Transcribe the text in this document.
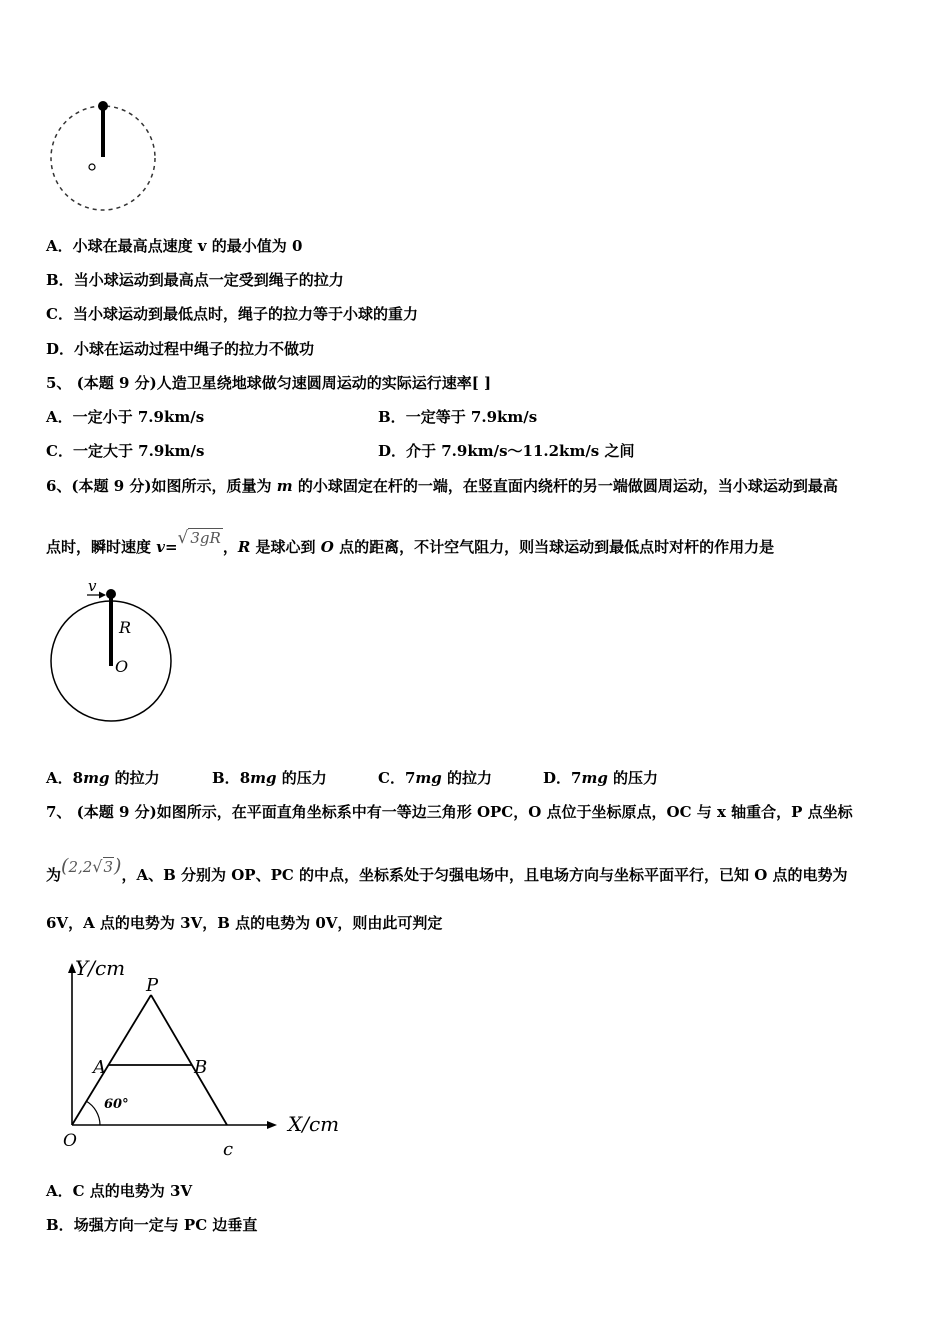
A．小球在最高点速度 v 的最小值为 0
B．当小球运动到最高点一定受到绳子的拉力
C．当小球运动到最低点时，绳子的拉力等于小球的重力
D．小球在运动过程中绳子的拉力不做功
5、 (本题 9 分)人造卫星绕地球做匀速圆周运动的实际运行速率[ ]
A．一定小于 7.9km/s	B．一定等于 7.9km/s
C．一定大于 7.9km/s	D．介于 7.9km/s～11.2km/s 之间
6、(本题 9 分)如图所示，质量为 m 的小球固定在杆的一端，在竖直面内绕杆的另一端做圆周运动，当小球运动到最高
点时，瞬时速度 v=√ 3gR ，R 是球心到 O 点的距离，不计空气阻力，则当球运动到最低点时对杆的作用力是
v
R
O
A．8mg 的拉力	B．8mg 的压力	C．7mg 的拉力	D．7mg 的压力
7、 (本题 9 分)如图所示，在平面直角坐标系中有一等边三角形 OPC，O 点位于坐标原点，OC 与 x 轴重合，P 点坐标
为(2,2√3)，A、B 分别为 OP、PC 的中点，坐标系处于匀强电场中，且电场方向与坐标平面平行，已知 O 点的电势为
6V，A 点的电势为 3V，B 点的电势为 0V，则由此可判定
Y/cm
X/cm
P
A	B
60°
O	c
A．C 点的电势为 3V
B．场强方向一定与 PC 边垂直
